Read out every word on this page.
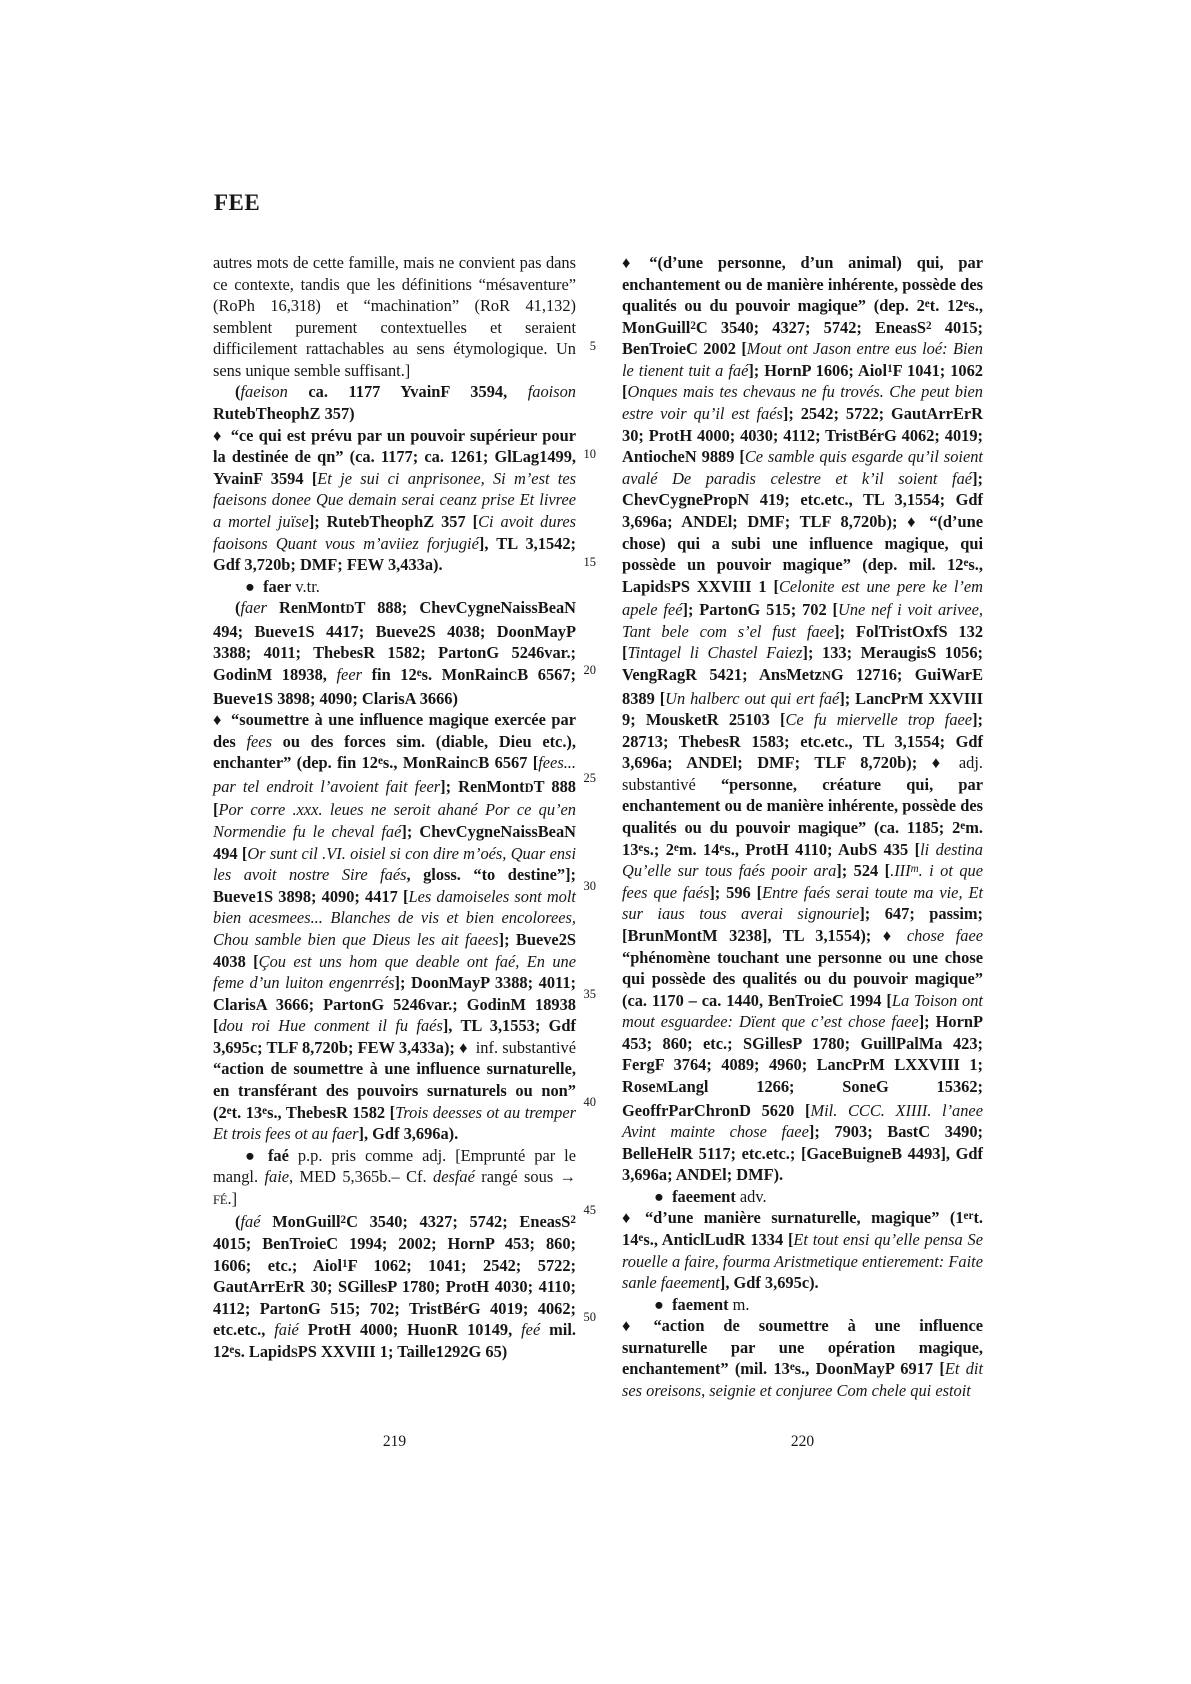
FEE

autres mots de cette famille, mais ne convient pas dans ce contexte, tandis que les définitions “mésaventure” (RoPh 16,318) et “machination” (RoR 41,132) semblent purement contextuelles et seraient difficilement rattachables au sens étymologique. Un sens unique semble suffisant.]

(faeison ca. 1177 YvainF 3594, faoison RutebTheophZ 357)

♦ “ce qui est prévu par un pouvoir supérieur pour la destinée de qn” (ca. 1177; ca. 1261; GlLag1499, YvainF 3594 [Et je sui ci anprisonee, Si m’est tes faeisons donee Que demain serai ceanz prise Et livree a mortel juïse]; RutebTheophZ 357 [Ci avoit dures faoisons Quant vous m’aviiez forjugié], TL 3,1542; Gdf 3,720b; DMF; FEW 3,433a).

● faer v.tr.

(faer RenMontDT 888; ChevCygneNaissBeaN 494; Bueve1S 4417; Bueve2S 4038; DoonMayP 3388; 4011; ThebesR 1582; PartonG 5246var.; GodinM 18938, feer fin 12es. MonRainCB 6567; Bueve1S 3898; 4090; ClarisA 3666)

♦ “soumettre à une influence magique exercée par des fees ou des forces sim. (diable, Dieu etc.), enchanter” (dep. fin 12es., MonRainCB 6567 [fees... par tel endroit l’avoient fait feer]; RenMontDT 888 [Por corre .xxx. leues ne seroit ahané Por ce qu’en Normendie fu le cheval faé]; ChevCygneNaissBeaN 494 [Or sunt cil .VI. oisiel si con dire m’oés, Quar ensi les avoit nostre Sire faés, gloss. “to destine”]; Bueve1S 3898; 4090; 4417 [Les damoiseles sont molt bien acesmees... Blanches de vis et bien encolorees, Chou samble bien que Dieus les ait faees]; Bueve2S 4038 [Çou est uns hom que deable ont faé, En une feme d’un luiton engenrrés]; DoonMayP 3388; 4011; ClarisA 3666; PartonG 5246var.; GodinM 18938 [dou roi Hue conment il fu faés], TL 3,1553; Gdf 3,695c; TLF 8,720b; FEW 3,433a); ♦ inf. substantivé “action de soumettre à une influence surnaturelle, en transférant des pouvoirs surnaturels ou non” (2et. 13es., ThebesR 1582 [Trois deesses ot au tremper Et trois fees ot au faer], Gdf 3,696a).

● faé p.p. pris comme adj. [Emprunté par le mangl. faie, MED 5,365b.– Cf. desfaé rangé sous → FÉ.]

(faé MonGuill$^2$C 3540; 4327; 5742; EneasS$^2$ 4015; BenTroieC 1994; 2002; HornP 453; 860; 1606; etc.; Aiol$^1$F 1062; 1041; 2542; 5722; GautArrErR 30; SGillesP 1780; ProtH 4030; 4110; 4112; PartonG 515; 702; TristBérG 4019; 4062; etc.etc., faié ProtH 4000; HuonR 10149, feé mil. 12es. LapidSPS XXVIII 1; Taille1292G 65)

♦ “(d’une personne, d’un animal) qui, par enchantement ou de manière inhérente, possède des qualités ou du pouvoir magique” (dep. 2et. 12es., MonGuill$^2$C 3540; 4327; 5742; EneasS$^2$ 4015; BenTroieC 2002 [Mout ont Jason entre eus loé: Bien le tienent tuit a faé]; HornP 1606; Aiol$^1$F 1041; 1062 [Onques mais tes chevaus ne fu trovés. Che peut bien estre voir qu’il est faés]; 2542; 5722; GautArrErR 30; ProtH 4000; 4030; 4112; TristBérG 4062; 4019; AntiocheN 9889 [Ce samble quis esgarde qu’il soient avalé De paradis celestre et k’il soient faé]; ChevCygnePropN 419; etc.etc., TL 3,1554; Gdf 3,696a; ANDEl; DMF; TLF 8,720b); ♦ “(d’une chose) qui a subi une influence magique, qui possède un pouvoir magique” (dep. mil. 12es., LapidSPS XXVIII 1 [Celonite est une pere ke l’em apele feé]; PartonG 515; 702 [Une nef i voit arivee, Tant bele com s’el fust faee]; FolTristOxfS 132 [Tintagel li Chastel Faiez]; 133; MeraugisS 1056; VengRagR 5421; AnsMetzNG 12716; GuiWarE 8389 [Un halberc out qui ert faé]; LancPrM XXVIII 9; MousketR 25103 [Ce fu miervelle trop faee]; 28713; ThebesR 1583; etc.etc., TL 3,1554; Gdf 3,696a; ANDEl; DMF; TLF 8,720b); ♦ adj. substantivé “personne, créature qui, par enchantement ou de manière inhérente, possède des qualités ou du pouvoir magique” (ca. 1185; 2em. 13es.; 2em. 14es., ProtH 4110; AubS 435 [li destina Qu’elle sur tous faés pooir ara]; 524 [.III$^m$. i ot que fees que faés]; 596 [Entre faés serai toute ma vie, Et sur iaus tous averai signourie]; 647; passim; [BrunMontM 3238], TL 3,1554); ♦ chose faee “phénomène touchant une personne ou une chose qui possède des qualités ou du pouvoir magique” (ca. 1170 – ca. 1440, BenTroieC 1994 [La Toison ont mout esguardee: Dïent que c’est chose faee]; HornP 453; 860; etc.; SGillesP 1780; GuillPalMa 423; FergF 3764; 4089; 4960; LancPrM LXXVIII 1; RoseMLangl 1266; SoneG 15362; GeoffrParChronD 5620 [Mil. CCC. XIIII. l’anee Avint mainte chose faee]; 7903; BastC 3490; BelleHelR 5117; etc.etc.; [GaceBuigneB 4493], Gdf 3,696a; ANDEl; DMF).

● faeement adv.

♦ “d’une manière surnaturelle, magique” (1ert. 14es., AnticlLudR 1334 [Et tout ensi qu’elle pensa Se rouelle a faire, fourma Aristmetique entierement: Faite sanle faeement], Gdf 3,695c).

● faement m.

♦ “action de soumettre à une influence surnaturelle par une opération magique, enchantement” (mil. 13es., DoonMayP 6917 [Et dit ses oreisons, seignie et conjuree Com chele qui estoit

5
10
15
20
25
30
35
40
45
50
219	220
